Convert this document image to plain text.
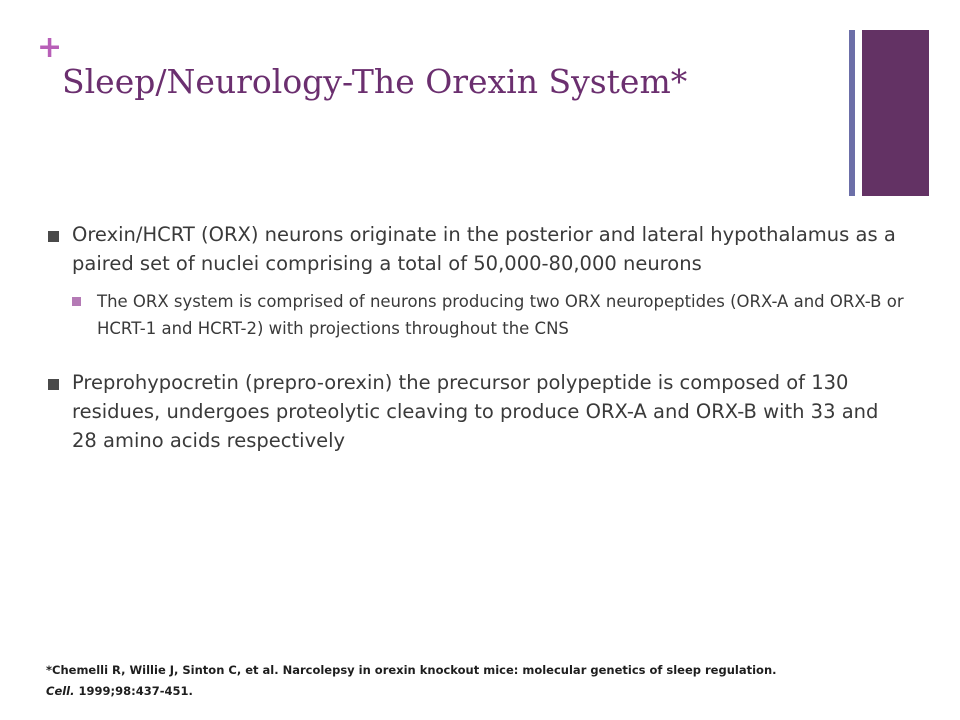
+
Sleep/Neurology-The Orexin System*
Orexin/HCRT (ORX) neurons originate in the posterior and lateral hypothalamus as a paired set of nuclei comprising a total of 50,000-80,000 neurons
The ORX system is comprised of neurons producing two ORX neuropeptides (ORX-A and ORX-B or HCRT-1 and HCRT-2) with projections throughout the CNS
Preprohypocretin (prepro-orexin) the precursor polypeptide is composed of 130 residues, undergoes proteolytic cleaving to produce ORX-A and ORX-B with 33 and 28 amino acids respectively

*Chemelli R, Willie J, Sinton C, et al. Narcolepsy in orexin knockout mice: molecular genetics of sleep regulation.
Cell. 1999;98:437-451.
